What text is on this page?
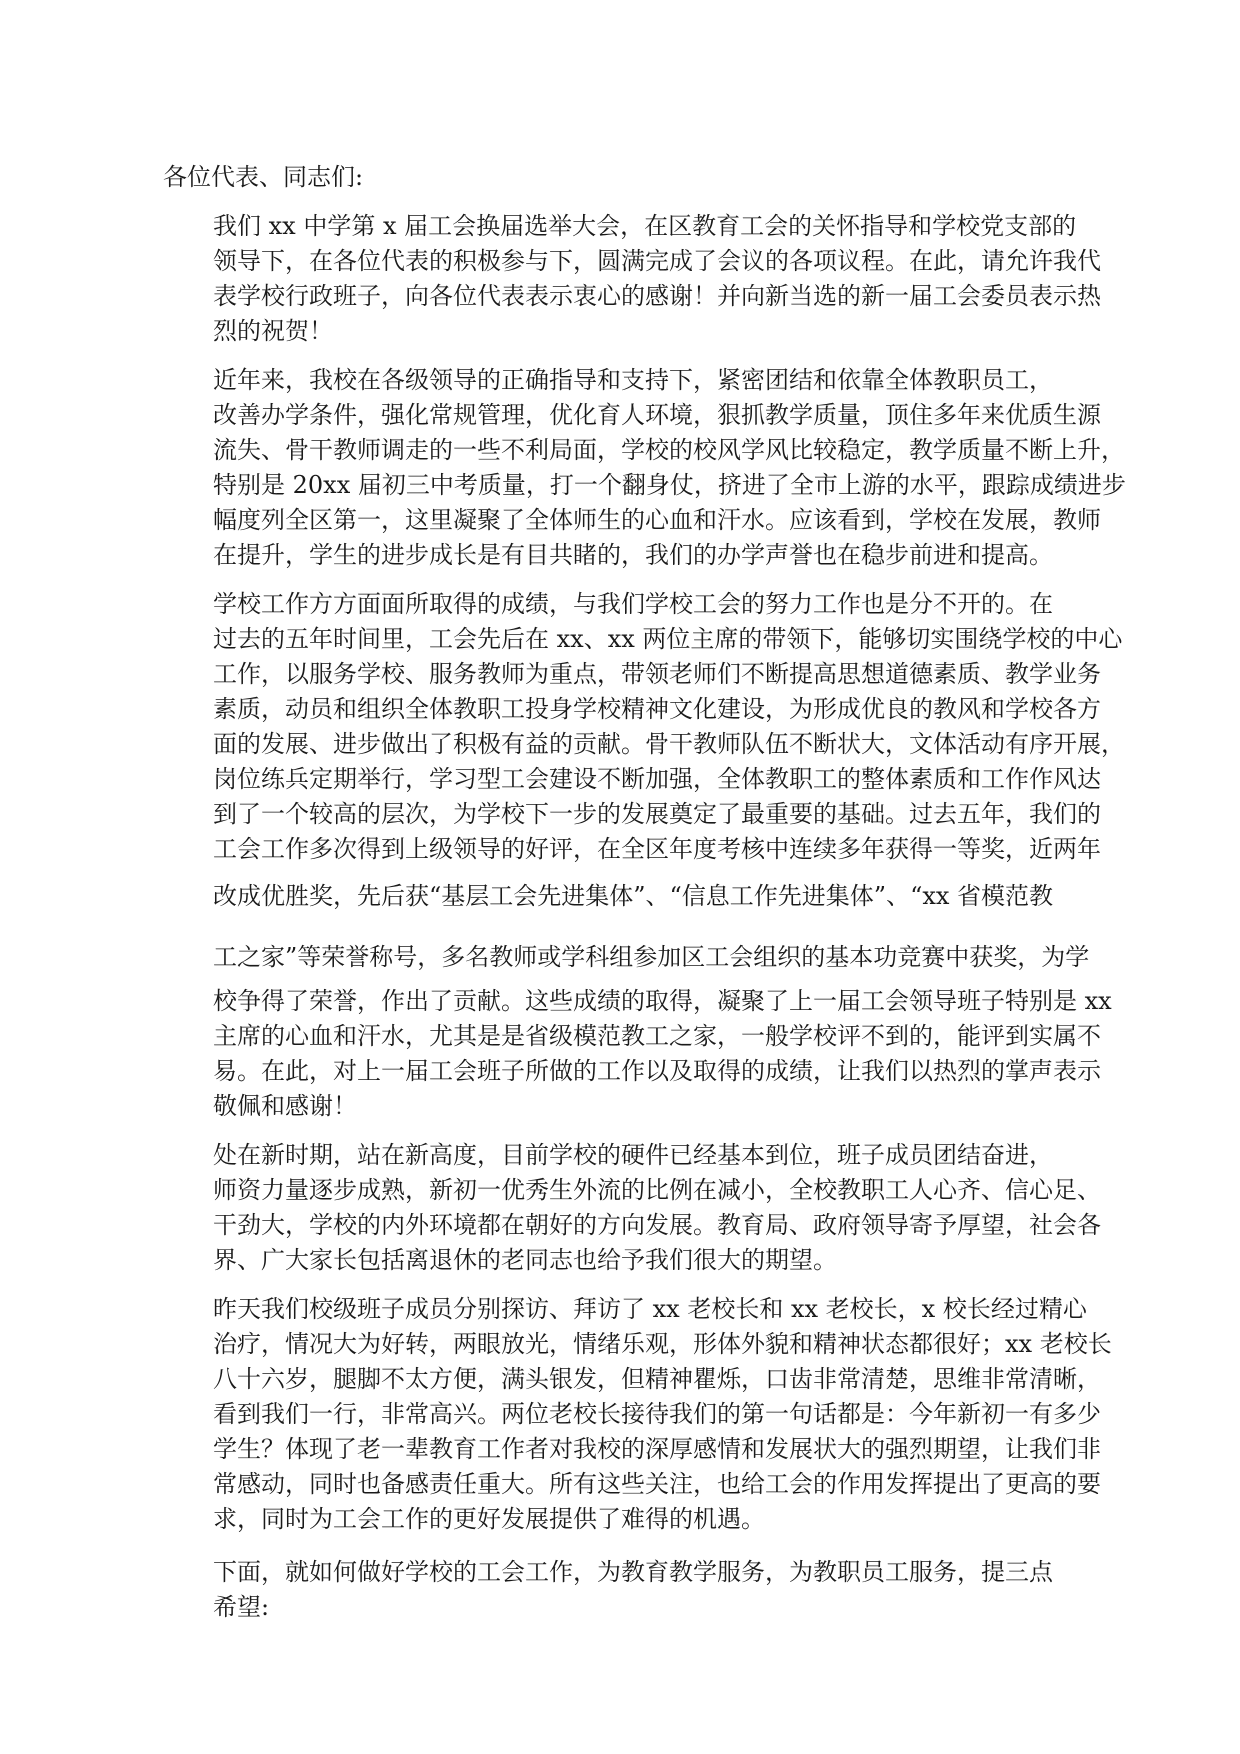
各位代表、同志们:

我们 xx 中学第 x 届工会换届选举大会，在区教育工会的关怀指导和学校党支部的
领导下，在各位代表的积极参与下，圆满完成了会议的各项议程。在此，请允许我代
表学校行政班子，向各位代表表示衷心的感谢！并向新当选的新一届工会委员表示热
烈的祝贺！

近年来，我校在各级领导的正确指导和支持下，紧密团结和依靠全体教职员工，
改善办学条件，强化常规管理，优化育人环境，狠抓教学质量，顶住多年来优质生源
流失、骨干教师调走的一些不利局面，学校的校风学风比较稳定，教学质量不断上升，
特别是 20xx 届初三中考质量，打一个翻身仗，挤进了全市上游的水平，跟踪成绩进步
幅度列全区第一，这里凝聚了全体师生的心血和汗水。应该看到，学校在发展，教师
在提升，学生的进步成长是有目共睹的，我们的办学声誉也在稳步前进和提高。

学校工作方方面面所取得的成绩，与我们学校工会的努力工作也是分不开的。在
过去的五年时间里，工会先后在 xx、xx 两位主席的带领下，能够切实围绕学校的中心
工作，以服务学校、服务教师为重点，带领老师们不断提高思想道德素质、教学业务
素质，动员和组织全体教职工投身学校精神文化建设，为形成优良的教风和学校各方
面的发展、进步做出了积极有益的贡献。骨干教师队伍不断状大，文体活动有序开展，
岗位练兵定期举行，学习型工会建设不断加强，全体教职工的整体素质和工作作风达
到了一个较高的层次，为学校下一步的发展奠定了最重要的基础。过去五年，我们的
工会工作多次得到上级领导的好评，在全区年度考核中连续多年获得一等奖，近两年
改成优胜奖，先后获“基层工会先进集体”、“信息工作先进集体”、“xx 省模范教
工之家”等荣誉称号，多名教师或学科组参加区工会组织的基本功竞赛中获奖，为学
校争得了荣誉，作出了贡献。这些成绩的取得，凝聚了上一届工会领导班子特别是 xx
主席的心血和汗水，尤其是是省级模范教工之家，一般学校评不到的，能评到实属不
易。在此，对上一届工会班子所做的工作以及取得的成绩，让我们以热烈的掌声表示
敬佩和感谢！

处在新时期，站在新高度，目前学校的硬件已经基本到位，班子成员团结奋进，
师资力量逐步成熟，新初一优秀生外流的比例在减小，全校教职工人心齐、信心足、
干劲大，学校的内外环境都在朝好的方向发展。教育局、政府领导寄予厚望，社会各
界、广大家长包括离退休的老同志也给予我们很大的期望。

昨天我们校级班子成员分别探访、拜访了 xx 老校长和 xx 老校长，x 校长经过精心
治疗，情况大为好转，两眼放光，情绪乐观，形体外貌和精神状态都很好；xx 老校长
八十六岁，腿脚不太方便，满头银发，但精神瞿烁，口齿非常清楚，思维非常清晰，
看到我们一行，非常高兴。两位老校长接待我们的第一句话都是：今年新初一有多少
学生？体现了老一辈教育工作者对我校的深厚感情和发展状大的强烈期望，让我们非
常感动，同时也备感责任重大。所有这些关注，也给工会的作用发挥提出了更高的要
求，同时为工会工作的更好发展提供了难得的机遇。

下面，就如何做好学校的工会工作，为教育教学服务，为教职员工服务，提三点
希望:
